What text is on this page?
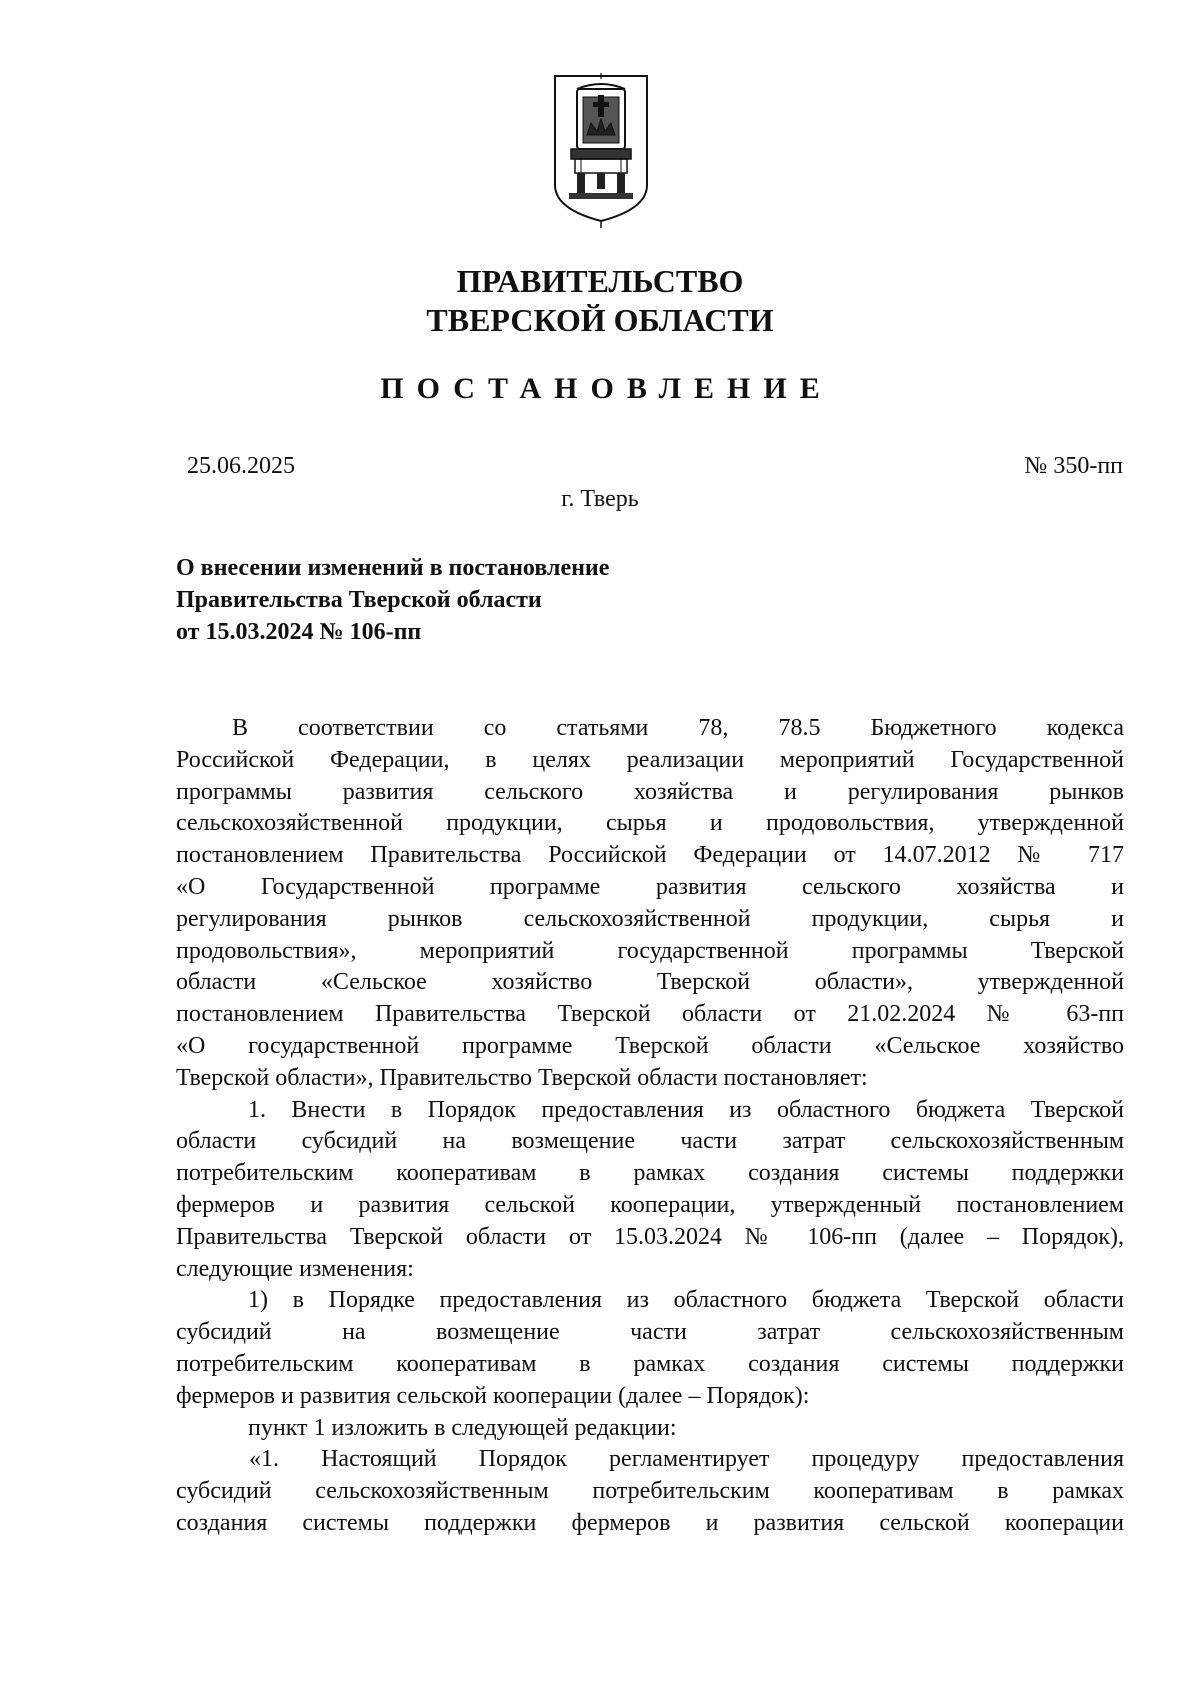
ПРАВИТЕЛЬСТВО
ТВЕРСКОЙ ОБЛАСТИ
ПОСТАНОВЛЕНИЕ
25.06.2025	№ 350-пп
г. Тверь
О внесении изменений в постановление
Правительства Тверской области
от 15.03.2024 № 106-пп
В соответствии со статьями 78, 78.5 Бюджетного кодекса
Российской Федерации, в целях реализации мероприятий Государственной
программы развития сельского хозяйства и регулирования рынков
сельскохозяйственной продукции, сырья и продовольствия, утвержденной
постановлением Правительства Российской Федерации от 14.07.2012 № 717
«О Государственной программе развития сельского хозяйства и
регулирования рынков сельскохозяйственной продукции, сырья и
продовольствия», мероприятий государственной программы Тверской
области «Сельское хозяйство Тверской области», утвержденной
постановлением Правительства Тверской области от 21.02.2024 № 63-пп
«О государственной программе Тверской области «Сельское хозяйство
Тверской области», Правительство Тверской области постановляет:
1. Внести в Порядок предоставления из областного бюджета Тверской
области субсидий на возмещение части затрат сельскохозяйственным
потребительским кооперативам в рамках создания системы поддержки
фермеров и развития сельской кооперации, утвержденный постановлением
Правительства Тверской области от 15.03.2024 № 106-пп (далее – Порядок),
следующие изменения:
1) в Порядке предоставления из областного бюджета Тверской области
субсидий на возмещение части затрат сельскохозяйственным
потребительским кооперативам в рамках создания системы поддержки
фермеров и развития сельской кооперации (далее – Порядок):
пункт 1 изложить в следующей редакции:
«1. Настоящий Порядок регламентирует процедуру предоставления
субсидий сельскохозяйственным потребительским кооперативам в рамках
создания системы поддержки фермеров и развития сельской кооперации
